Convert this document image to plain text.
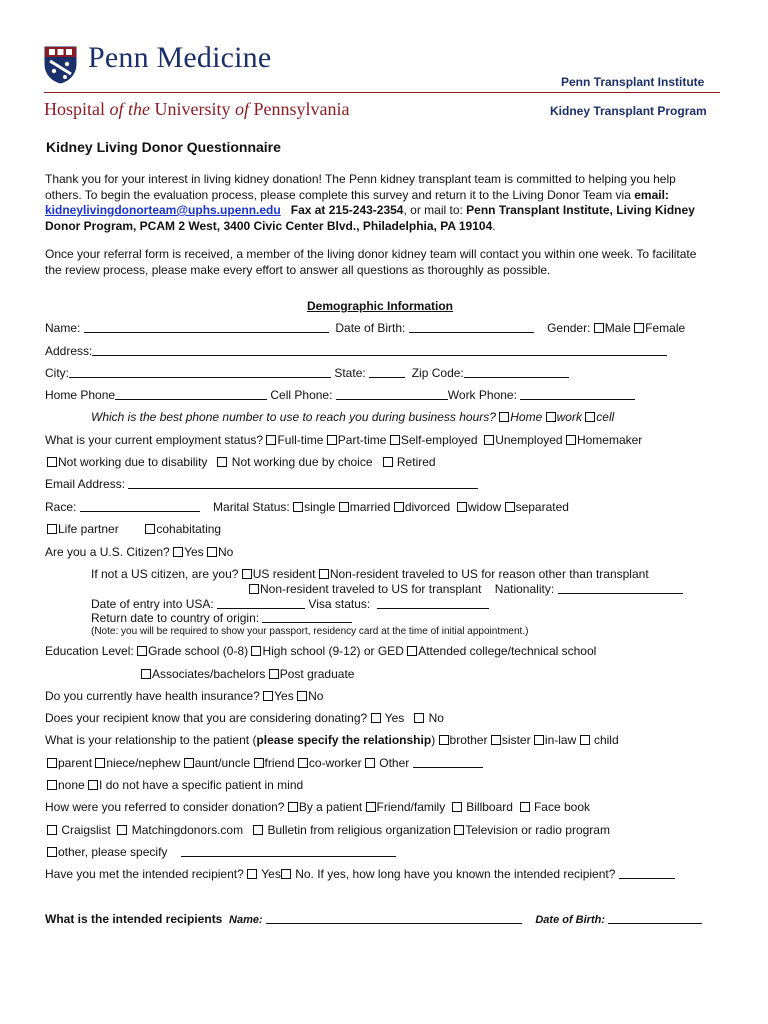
Penn Medicine
Hospital of the University of Pennsylvania
Penn Transplant Institute
Kidney Transplant Program
Kidney Living Donor Questionnaire
Thank you for your interest in living kidney donation! The Penn kidney transplant team is committed to helping you help others. To begin the evaluation process, please complete this survey and return it to the Living Donor Team via email: kidneylivingdonorteam@uphs.upenn.edu Fax at 215-243-2354, or mail to: Penn Transplant Institute, Living Kidney Donor Program, PCAM 2 West, 3400 Civic Center Blvd., Philadelphia, PA 19104.
Once your referral form is received, a member of the living donor kidney team will contact you within one week. To facilitate the review process, please make every effort to answer all questions as thoroughly as possible.
Demographic Information
Name:	Date of Birth:	Gender: Male Female
Address:
City:	State:	Zip Code:
Home Phone	Cell Phone:	Work Phone:
Which is the best phone number to use to reach you during business hours? Home work cell
What is your current employment status? Full-time Part-time Self-employed Unemployed Homemaker
Not working due to disability Not working due by choice Retired
Email Address:
Race:	Marital Status: single married divorced widow separated
Life partner	cohabitating
Are you a U.S. Citizen? Yes No
If not a US citizen, are you? US resident Non-resident traveled to US for reason other than transplant
Non-resident traveled to US for transplant Nationality:
Date of entry into USA:	Visa status:
Return date to country of origin:
(Note: you will be required to show your passport, residency card at the time of initial appointment.)
Education Level: Grade school (0-8) High school (9-12) or GED Attended college/technical school
Associates/bachelors Post graduate
Do you currently have health insurance? Yes No
Does your recipient know that you are considering donating? Yes No
What is your relationship to the patient (please specify the relationship) brother sister in-law child
parent niece/nephew aunt/uncle friend co-worker Other
none I do not have a specific patient in mind
How were you referred to consider donation? By a patient Friend/family Billboard Face book
Craigslist Matchingdonors.com Bulletin from religious organization Television or radio program
other, please specify
Have you met the intended recipient? Yes No. If yes, how long have you known the intended recipient?
What is the intended recipients Name:	Date of Birth:
